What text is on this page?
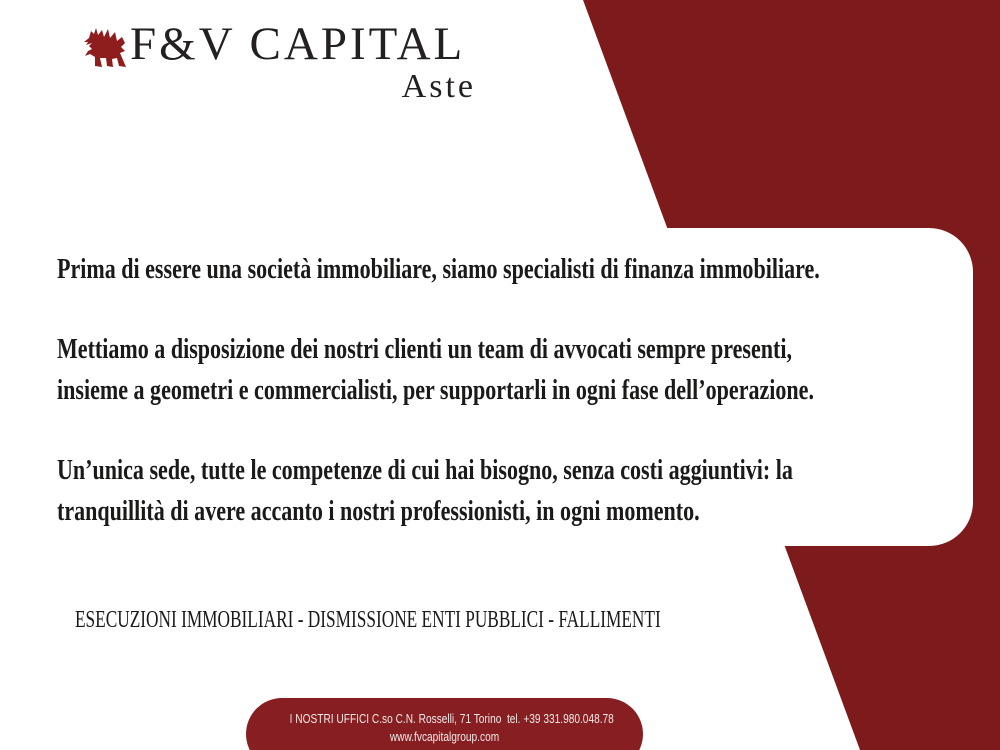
F&V CAPITAL
Aste
Prima di essere una società immobiliare, siamo specialisti di finanza immobiliare.
Mettiamo a disposizione dei nostri clienti un team di avvocati sempre presenti,
insieme a geometri e commercialisti, per supportarli in ogni fase dell’operazione.
Un’unica sede, tutte le competenze di cui hai bisogno, senza costi aggiuntivi: la
tranquillità di avere accanto i nostri professionisti, in ogni momento.
ESECUZIONI IMMOBILIARI - DISMISSIONE ENTI PUBBLICI - FALLIMENTI
I NOSTRI UFFICI C.so C.N. Rosselli, 71 Torino  tel. +39 331.980.048.78
www.fvcapitalgroup.com
